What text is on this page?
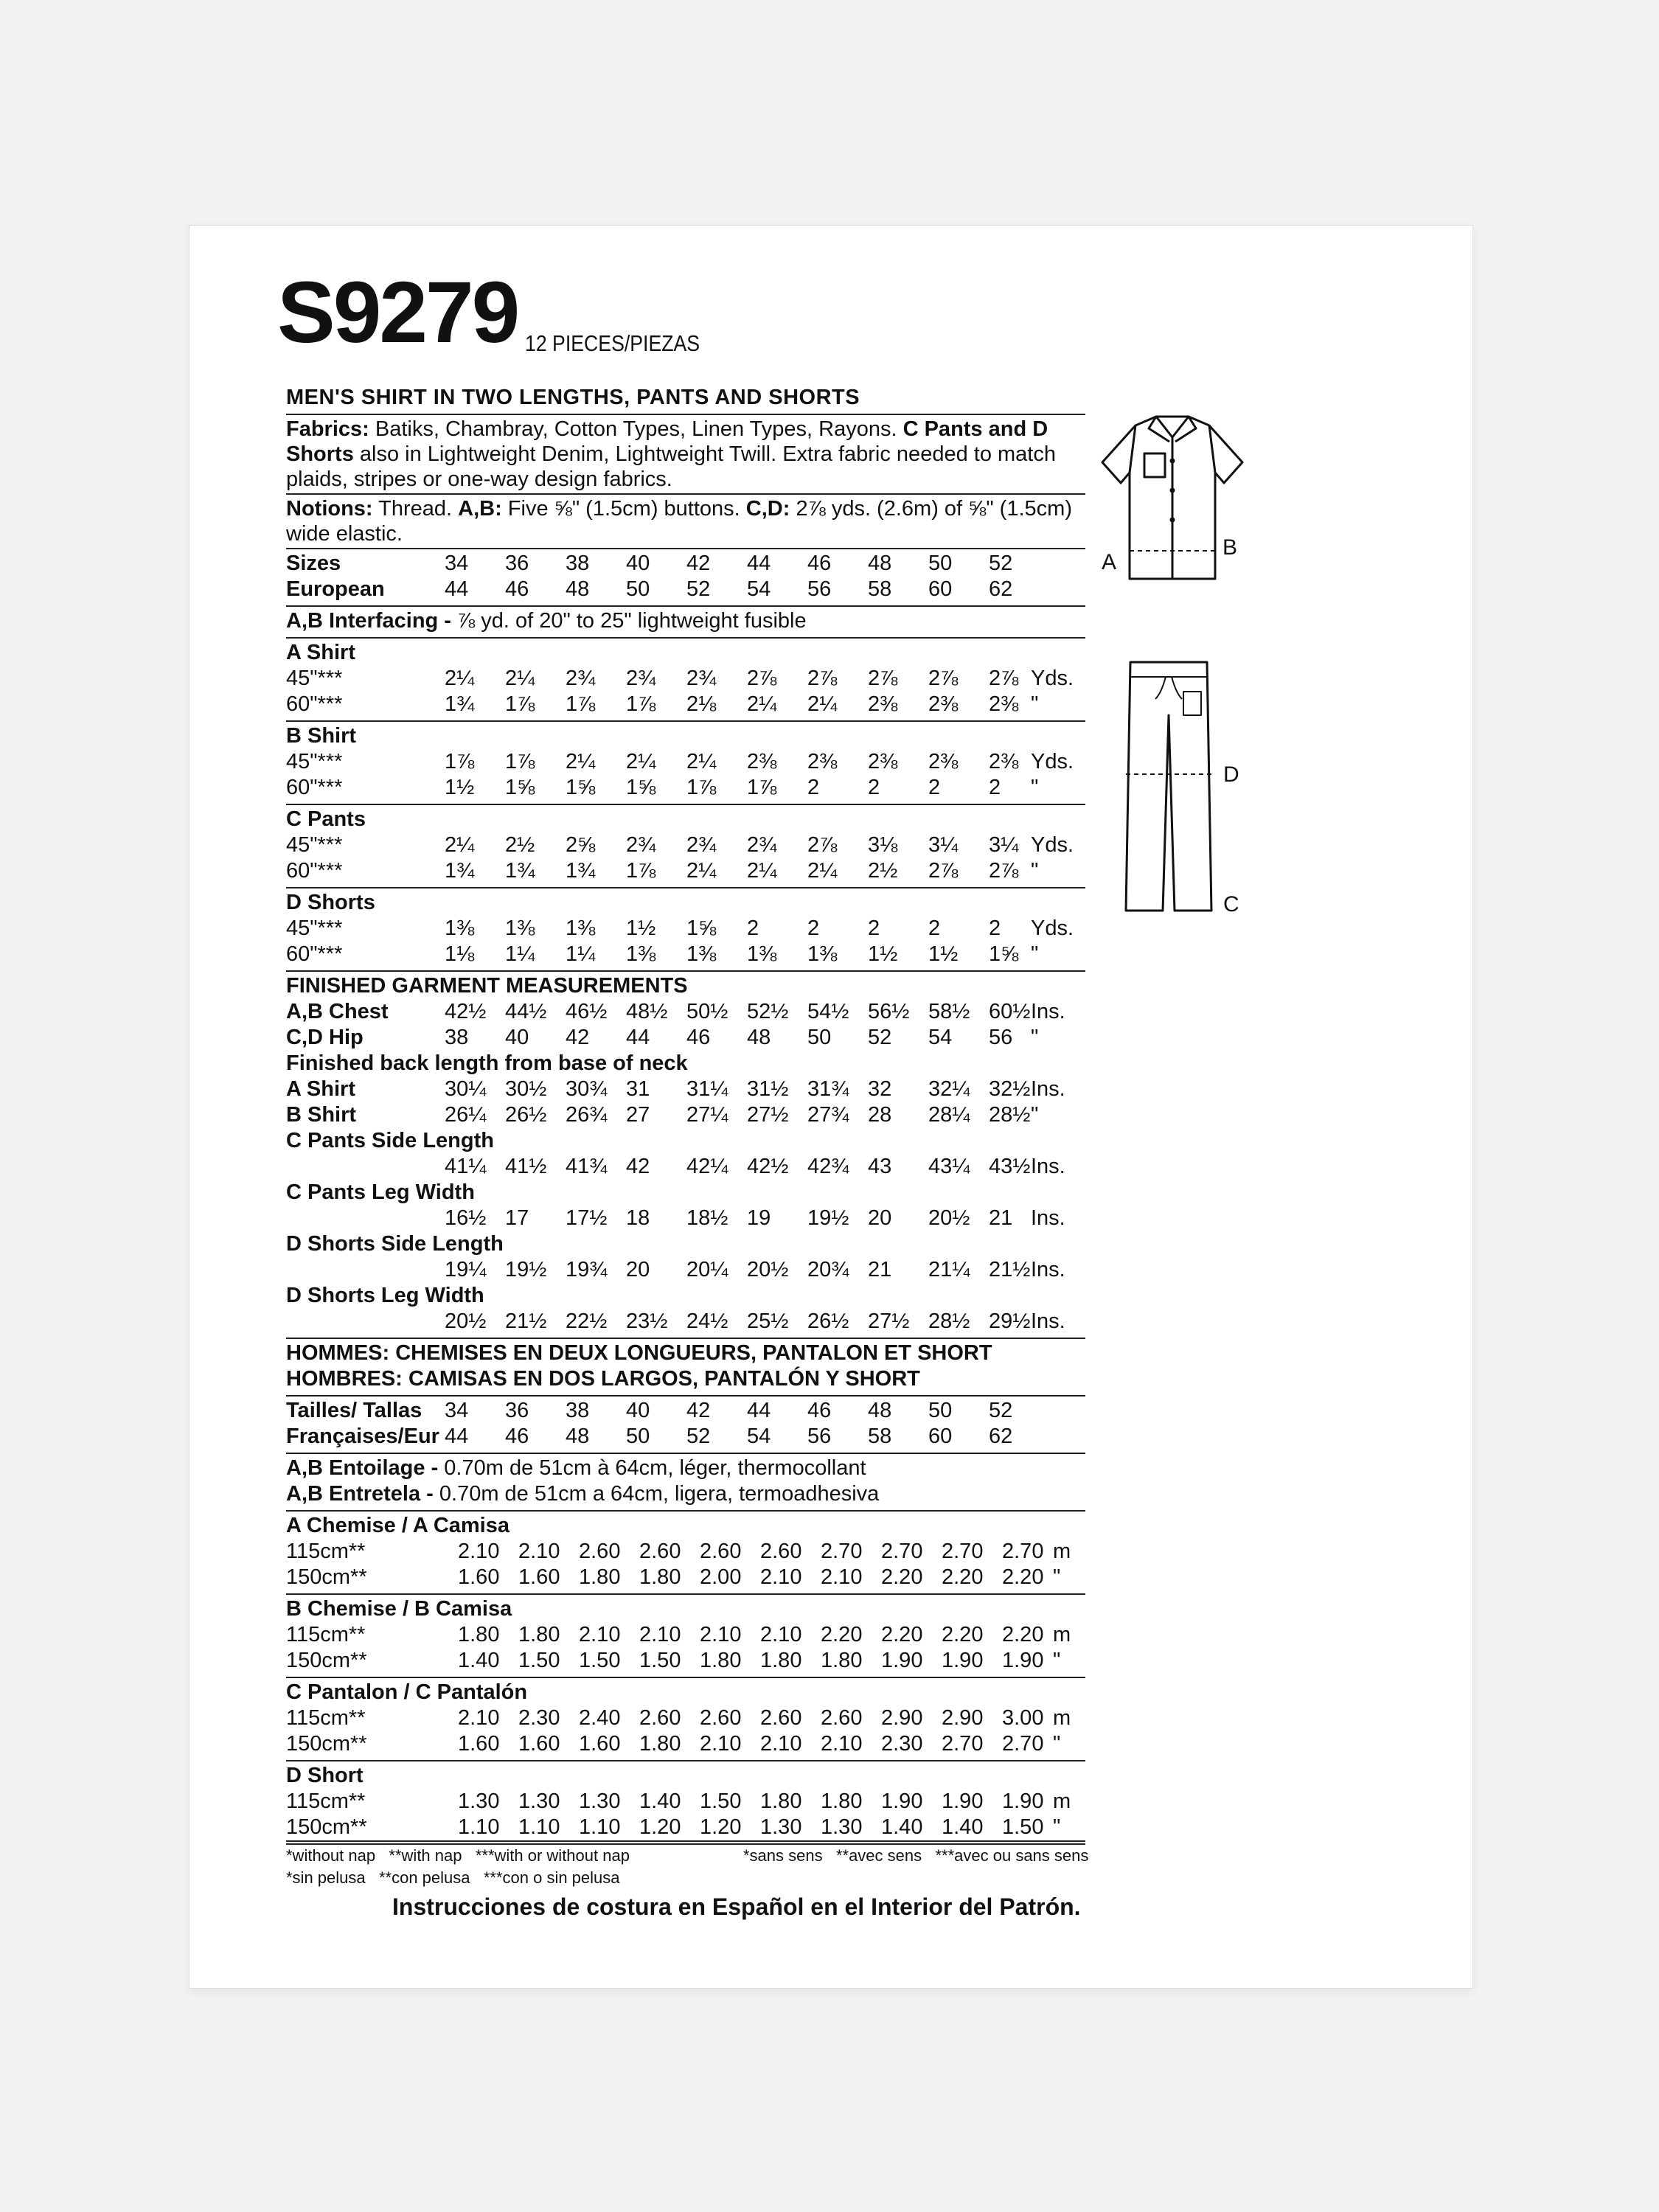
S9279 12 PIECES/PIEZAS
MEN'S SHIRT IN TWO LENGTHS, PANTS AND SHORTS
Fabrics: Batiks, Chambray, Cotton Types, Linen Types, Rayons. C Pants and D Shorts also in Lightweight Denim, Lightweight Twill. Extra fabric needed to match plaids, stripes or one-way design fabrics.
Notions: Thread. A,B: Five ⅝" (1.5cm) buttons. C,D: 2⅞ yds. (2.6m) of ⅝" (1.5cm) wide elastic.
Sizes	34	36	38	40	42	44	46	48	50	52
European	44	46	48	50	52	54	56	58	60	62
A,B Interfacing - ⅞ yd. of 20" to 25" lightweight fusible
A Shirt
45"***	2¼	2¼	2¾	2¾	2¾	2⅞	2⅞	2⅞	2⅞	2⅞ Yds.
60"***	1¾	1⅞	1⅞	1⅞	2⅛	2¼	2¼	2⅜	2⅜	2⅜ "
B Shirt
45"***	1⅞	1⅞	2¼	2¼	2¼	2⅜	2⅜	2⅜	2⅜	2⅜ Yds.
60"***	1½	1⅝	1⅝	1⅝	1⅞	1⅞	2	2	2	2	"
C Pants
45"***	2¼	2½	2⅝	2¾	2¾	2¾	2⅞	3⅛	3¼	3¼ Yds.
60"***	1¾	1¾	1¾	1⅞	2¼	2¼	2¼	2½	2⅞	2⅞ "
D Shorts
45"***	1⅜	1⅜	1⅜	1½	1⅝	2	2	2	2	2	Yds.
60"***	1⅛	1¼	1¼	1⅜	1⅜	1⅜	1⅜	1½	1½	1⅝ "
FINISHED GARMENT MEASUREMENTS
A,B Chest	42½ 44½ 46½ 48½ 50½ 52½ 54½ 56½ 58½ 60½ Ins.
C,D Hip	38	40	42	44	46	48	50	52	54	56 "
Finished back length from base of neck
A Shirt	30¼ 30½ 30¾ 31	31¼ 31½ 31¾ 32	32¼ 32½ Ins.
B Shirt	26¼ 26½ 26¾ 27	27¼ 27½ 27¾ 28	28¼ 28½ "
C Pants Side Length
41¼ 41½ 41¾ 42	42¼ 42½ 42¾ 43	43¼ 43½ Ins.
C Pants Leg Width
16½ 17	17½ 18	18½ 19	19½ 20	20½ 21 Ins.
D Shorts Side Length
19¼ 19½ 19¾ 20	20¼ 20½ 20¾ 21	21¼ 21½ Ins.
D Shorts Leg Width
20½ 21½ 22½ 23½ 24½ 25½ 26½ 27½ 28½ 29½ Ins.
HOMMES: CHEMISES EN DEUX LONGUEURS, PANTALON ET SHORT
HOMBRES: CAMISAS EN DOS LARGOS, PANTALÓN Y SHORT
Tailles/ Tallas 34	36	38	40	42	44	46	48	50	52
Françaises/Eur 44	46	48	50	52	54	56	58	60	62
A,B Entoilage - 0.70m de 51cm à 64cm, léger, thermocollant
A,B Entretela - 0.70m de 51cm a 64cm, ligera, termoadhesiva
A Chemise / A Camisa
115cm**	2.10 2.10 2.60 2.60 2.60 2.60 2.70 2.70 2.70 2.70 m
150cm**	1.60 1.60 1.80 1.80 2.00 2.10 2.10 2.20 2.20 2.20 "
B Chemise / B Camisa
115cm**	1.80 1.80 2.10 2.10 2.10 2.10 2.20 2.20 2.20 2.20 m
150cm**	1.40 1.50 1.50 1.50 1.80 1.80 1.80 1.90 1.90 1.90 "
C Pantalon / C Pantalón
115cm**	2.10 2.30 2.40 2.60 2.60 2.60 2.60 2.90 2.90 3.00 m
150cm**	1.60 1.60 1.60 1.80 2.10 2.10 2.10 2.30 2.70 2.70 "
D Short
115cm**	1.30 1.30 1.30 1.40 1.50 1.80 1.80 1.90 1.90 1.90 m
150cm**	1.10 1.10 1.10 1.20 1.20 1.30 1.30 1.40 1.40 1.50 "
*without nap   **with nap   ***with or without nap	*sans sens   **avec sens   ***avec ou sans sens
*sin pelusa   **con pelusa   ***con o sin pelusa
Instrucciones de costura en Español en el Interior del Patrón.
A
B
D
C
